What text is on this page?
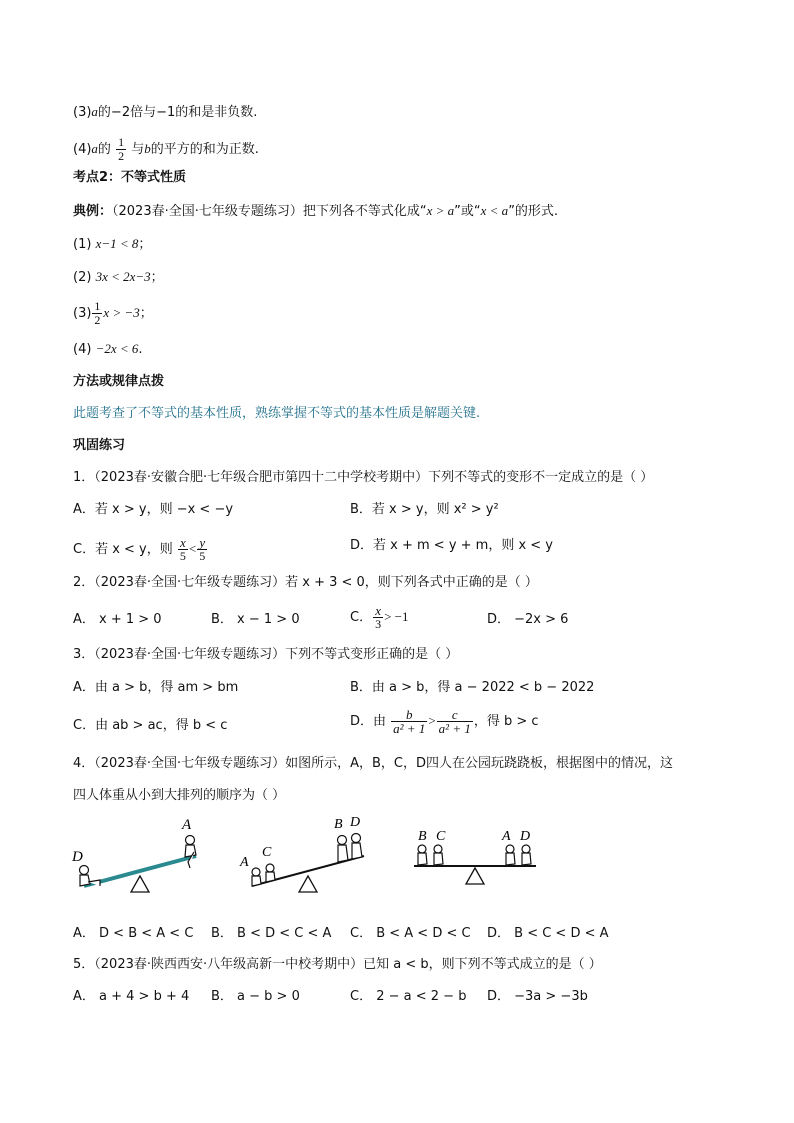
(3)a的−2倍与−1的和是非负数.
(4)a的 $\frac{1}{2}$ 与b的平方的和为正数.
考点2：不等式性质
典例：（2023春·全国·七年级专题练习）把下列各不等式化成“x > a”或“x < a”的形式.
(1) x−1 < 8；
(2) 3x < 2x−3；
$(3) \frac{1}{2}$ x > −3；
(4) −2x < 6.
方法或规律点拨
此题考查了不等式的基本性质，熟练掌握不等式的基本性质是解题关键.
巩固练习
1．（2023春·安徽合肥·七年级合肥市第四十二中学校考期中）下列不等式的变形不一定成立的是（ ）
A．若 x > y，则 −x < −y	B．若 x > y，则 x² > y²
C．若 x < y，则 $\frac{x}{5} < \frac{y}{5}$	D．若 x + m < y + m，则 x < y
2．（2023春·全国·七年级专题练习）若 x + 3 < 0，则下列各式中正确的是（ ）
A． x + 1 > 0	B． x − 1 > 0	C． $\frac{x}{3} > -1$	D． −2x > 6
3．（2023春·全国·七年级专题练习）下列不等式变形正确的是（ ）
A．由 a > b，得 am > bm	B．由 a > b，得 a − 2022 < b − 2022
C．由 ab > ac，得 b < c	D．由 $\frac{b}{\text{a² + 1}} > \frac{c}{\text{a² + 1}}$ ，得 b > c
4．（2023春·全国·七年级专题练习）如图所示，A，B，C，D四人在公园玩跷跷板，根据图中的情况，这
四人体重从小到大排列的顺序为（ ）
D
A
A
C
B D
B C	A D
A． D < B < A < C B． B < D < C < A C． B < A < D < C D． B < C < D < A
5．（2023春·陕西西安·八年级高新一中校考期中）已知 a < b，则下列不等式成立的是（ ）
A． a + 4 > b + 4 B． a − b > 0	C． 2 − a < 2 − b D． −3a > −3b
